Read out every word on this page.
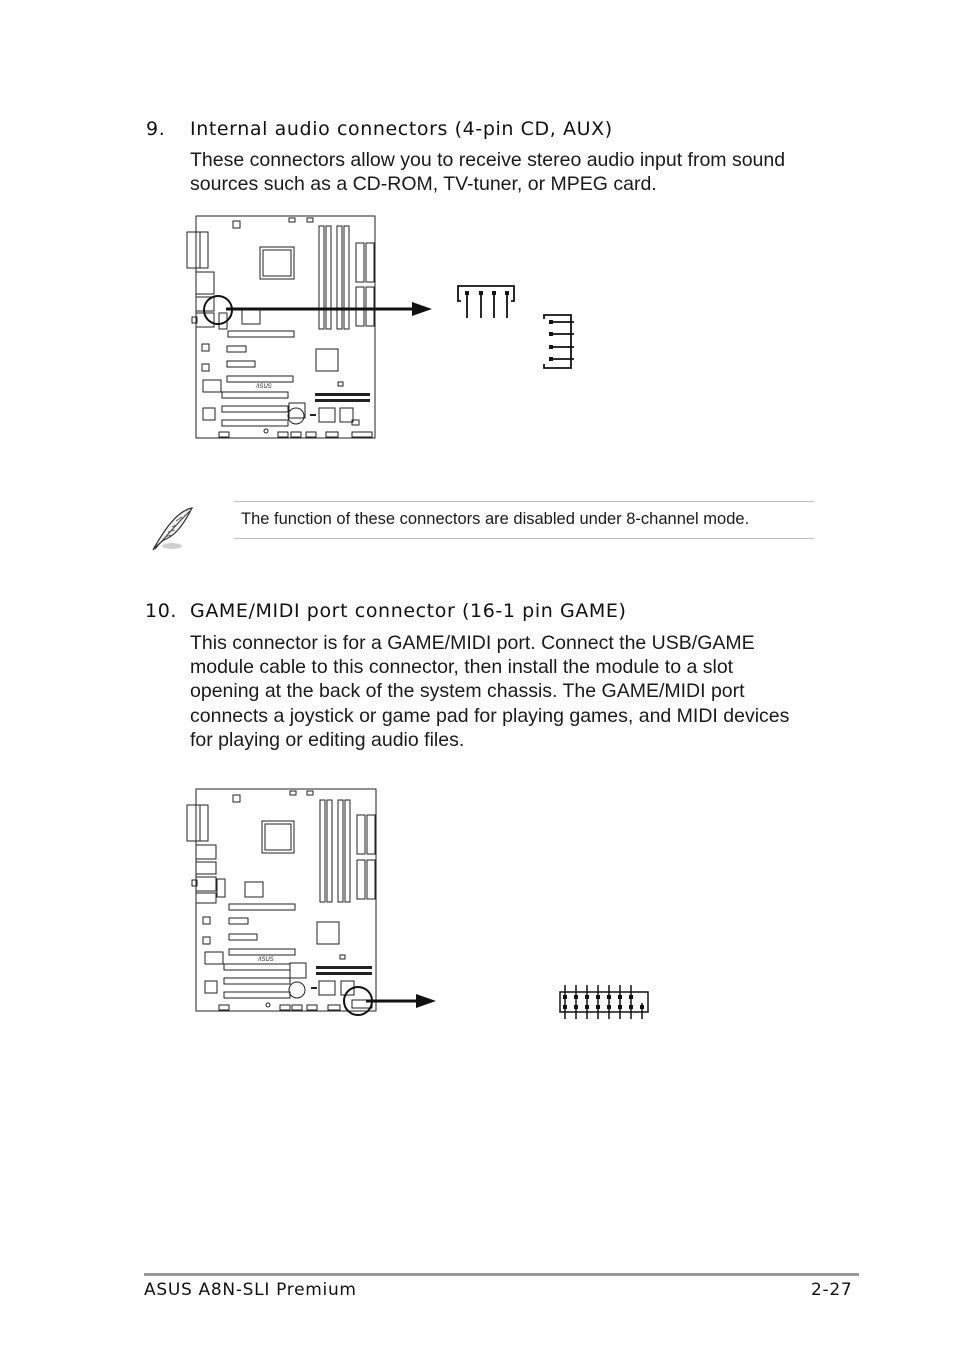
9. Internal audio connectors (4-pin CD, AUX)
These connectors allow you to receive stereo audio input from sound sources such as a CD-ROM, TV-tuner, or MPEG card.
/ISUS
The function of these connectors are disabled under 8-channel mode.
10. GAME/MIDI port connector (16-1 pin GAME)
This connector is for a GAME/MIDI port. Connect the USB/GAME
module cable to this connector, then install the module to a slot
opening at the back of the system chassis. The GAME/MIDI port
connects a joystick or game pad for playing games, and MIDI devices
for playing or editing audio files.
/ISUS
ASUS A8N-SLI Premium	2-27
